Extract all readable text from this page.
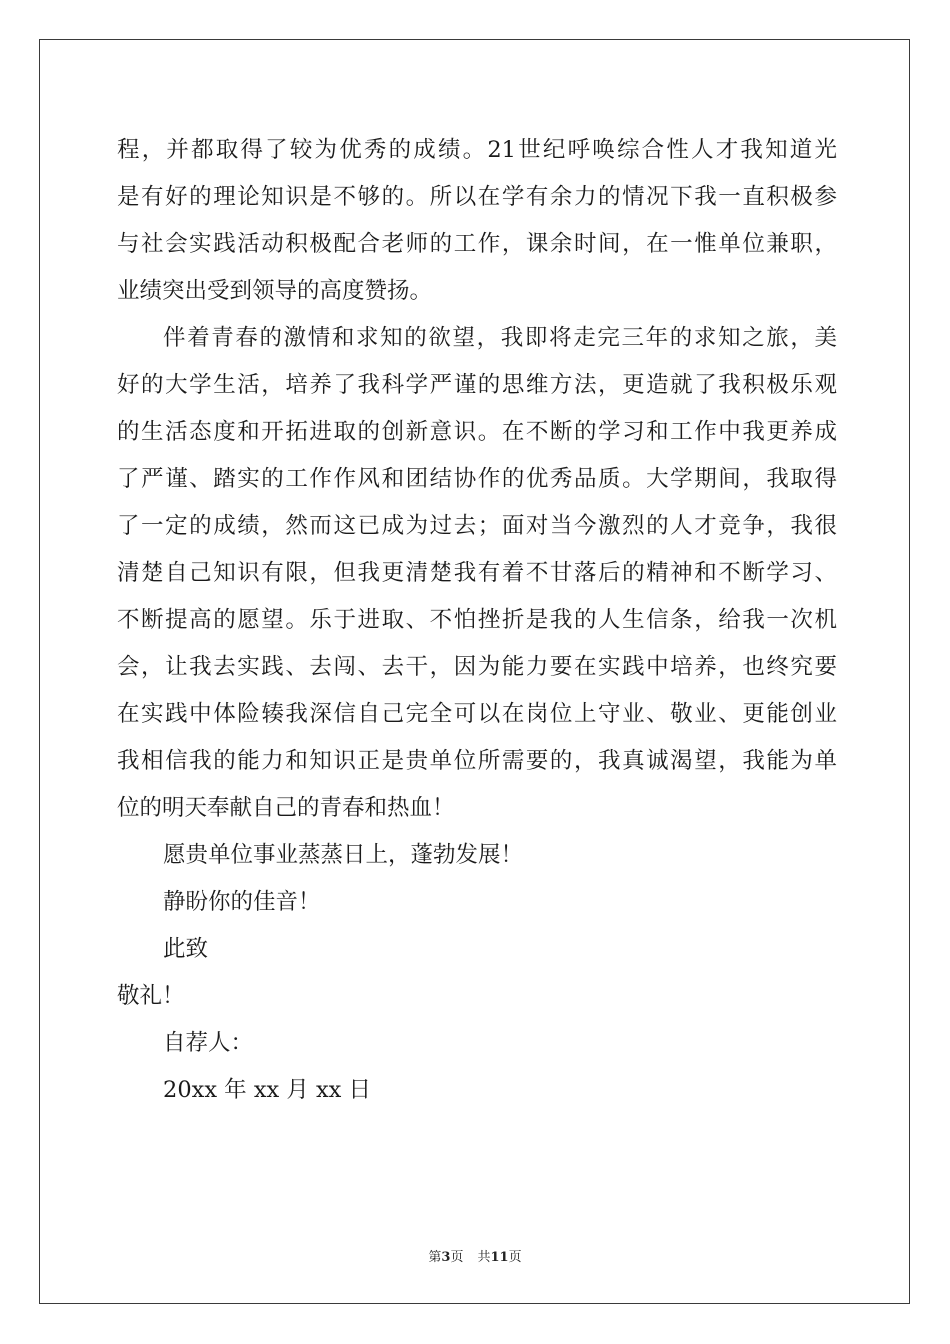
程，并都取得了较为优秀的成绩。21世纪呼唤综合性人才我知道光
是有好的理论知识是不够的。所以在学有余力的情况下我一直积极参
与社会实践活动积极配合老师的工作，课余时间，在一惟单位兼职，
业绩突出受到领导的高度赞扬。
伴着青春的激情和求知的欲望，我即将走完三年的求知之旅，美
好的大学生活，培养了我科学严谨的思维方法，更造就了我积极乐观
的生活态度和开拓进取的创新意识。在不断的学习和工作中我更养成
了严谨、踏实的工作作风和团结协作的优秀品质。大学期间，我取得
了一定的成绩，然而这已成为过去；面对当今激烈的人才竞争，我很
清楚自己知识有限，但我更清楚我有着不甘落后的精神和不断学习、
不断提高的愿望。乐于进取、不怕挫折是我的人生信条，给我一次机
会，让我去实践、去闯、去干，因为能力要在实践中培养，也终究要
在实践中体险辏我深信自己完全可以在岗位上守业、敬业、更能创业
我相信我的能力和知识正是贵单位所需要的，我真诚渴望，我能为单
位的明天奉献自己的青春和热血！
愿贵单位事业蒸蒸日上，蓬勃发展！
静盼你的佳音！
此致
敬礼！
自荐人：
20xx 年 xx 月 xx 日
第3页 共11页
